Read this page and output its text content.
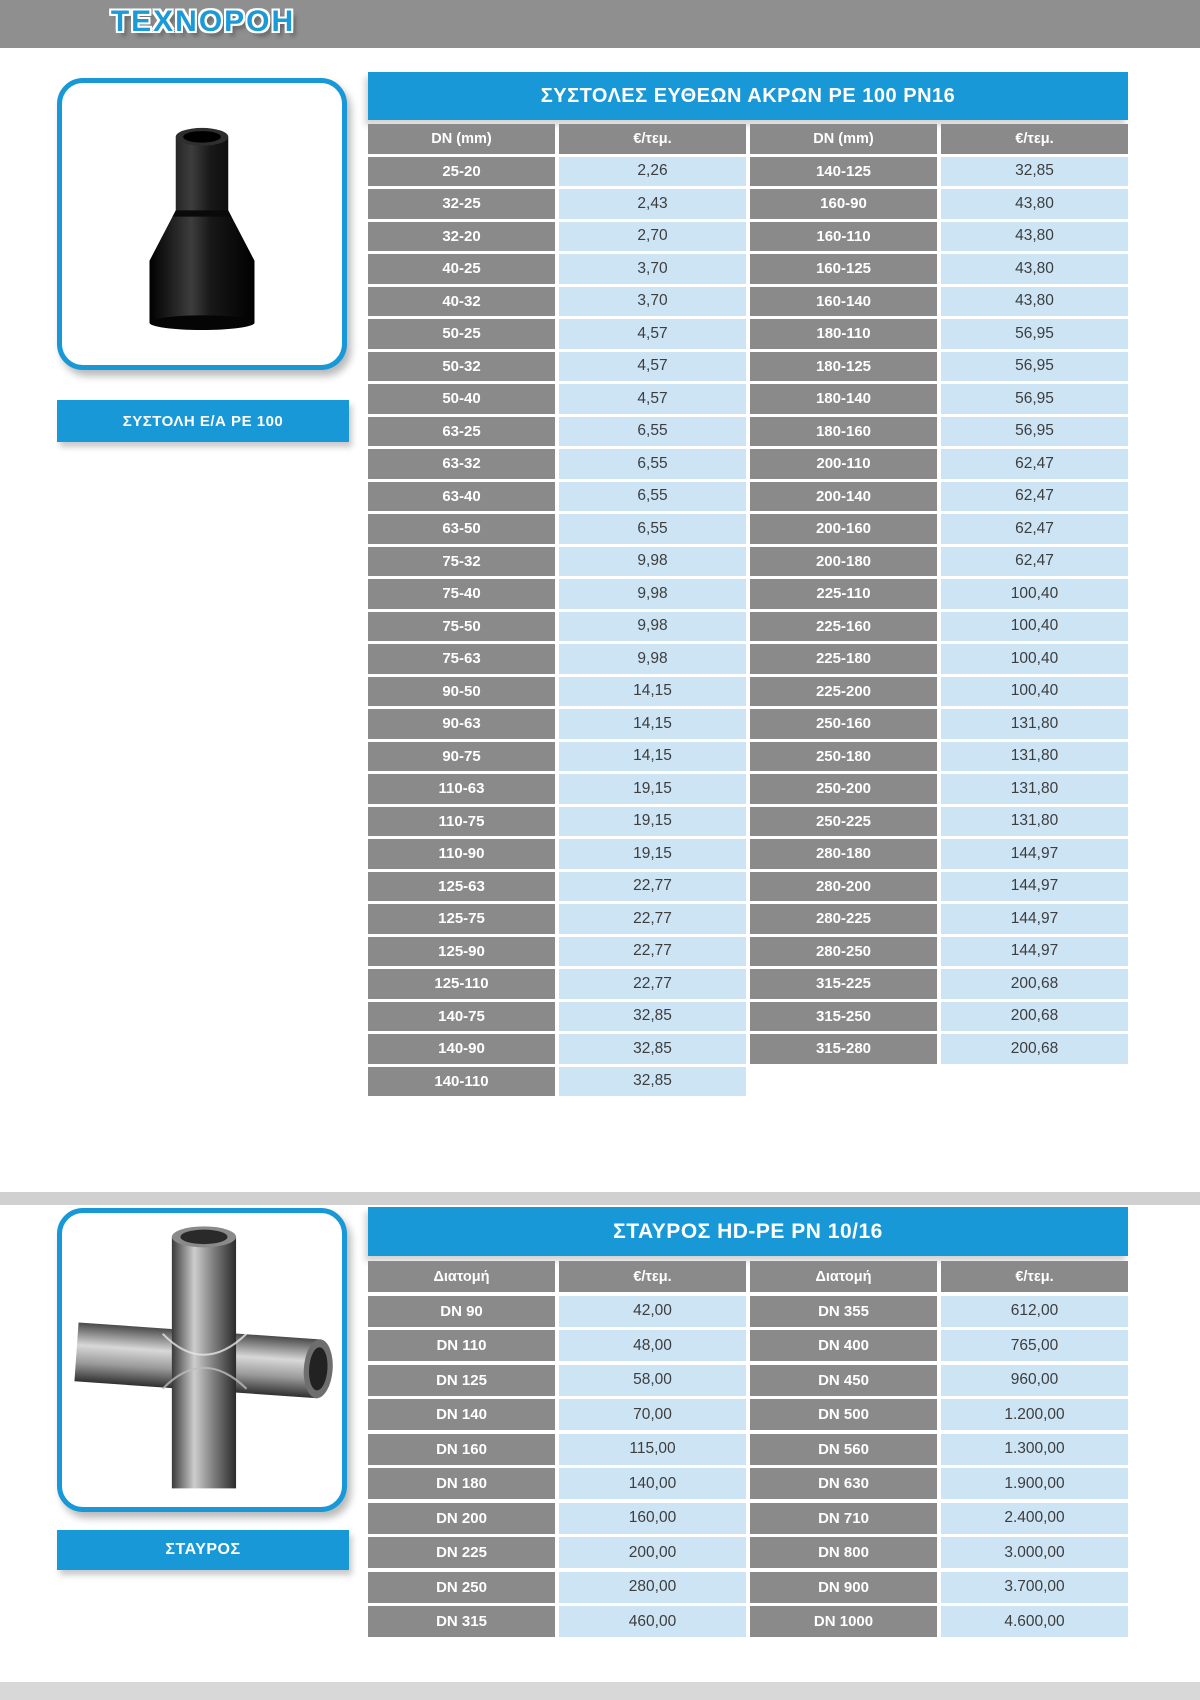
ΤΕΧΝΟΡΟΗ
ΣΥΣΤΟΛΗ Ε/Α PE 100
ΣΤΑΥΡΟΣ
ΣΥΣΤΟΛΕΣ ΕΥΘΕΩΝ ΑΚΡΩΝ PE 100 PN16
DN (mm)	€/τεμ.	DN (mm)	€/τεμ.
25-20	2,26	140-125	32,85
32-25	2,43	160-90	43,80
32-20	2,70	160-110	43,80
40-25	3,70	160-125	43,80
40-32	3,70	160-140	43,80
50-25	4,57	180-110	56,95
50-32	4,57	180-125	56,95
50-40	4,57	180-140	56,95
63-25	6,55	180-160	56,95
63-32	6,55	200-110	62,47
63-40	6,55	200-140	62,47
63-50	6,55	200-160	62,47
75-32	9,98	200-180	62,47
75-40	9,98	225-110	100,40
75-50	9,98	225-160	100,40
75-63	9,98	225-180	100,40
90-50	14,15	225-200	100,40
90-63	14,15	250-160	131,80
90-75	14,15	250-180	131,80
110-63	19,15	250-200	131,80
110-75	19,15	250-225	131,80
110-90	19,15	280-180	144,97
125-63	22,77	280-200	144,97
125-75	22,77	280-225	144,97
125-90	22,77	280-250	144,97
125-110	22,77	315-225	200,68
140-75	32,85	315-250	200,68
140-90	32,85	315-280	200,68
140-110	32,85
ΣΤΑΥΡΟΣ HD-PE PN 10/16
Διατομή	€/τεμ.	Διατομή	€/τεμ.
DN 90	42,00	DN 355	612,00
DN 110	48,00	DN 400	765,00
DN 125	58,00	DN 450	960,00
DN 140	70,00	DN 500	1.200,00
DN 160	115,00	DN 560	1.300,00
DN 180	140,00	DN 630	1.900,00
DN 200	160,00	DN 710	2.400,00
DN 225	200,00	DN 800	3.000,00
DN 250	280,00	DN 900	3.700,00
DN 315	460,00	DN 1000	4.600,00
